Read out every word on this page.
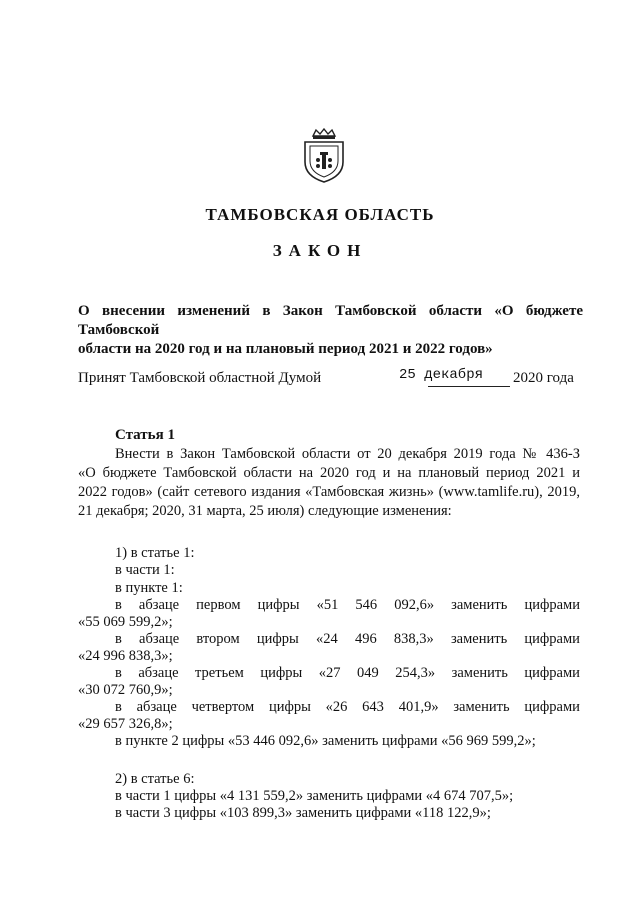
ТАМБОВСКАЯ ОБЛАСТЬ
ЗАКОН
О внесении изменений в Закон Тамбовской области «О бюджете Тамбовской
области на 2020 год и на плановый период 2021 и 2022 годов»
Принят Тамбовской областной Думой	25 декабря 2020 года
Статья 1
Внести в Закон Тамбовской области от 20 декабря 2019 года № 436-З
«О бюджете Тамбовской области на 2020 год и на плановый период 2021 и
2022 годов» (сайт сетевого издания «Тамбовская жизнь» (www.tamlife.ru), 2019,
21 декабря; 2020, 31 марта, 25 июля) следующие изменения:
1) в статье 1:
в части 1:
в пункте 1:
в абзаце первом цифры «51 546 092,6» заменить цифрами
«55 069 599,2»;
в абзаце втором цифры «24 496 838,3» заменить цифрами
«24 996 838,3»;
в абзаце третьем цифры «27 049 254,3» заменить цифрами
«30 072 760,9»;
в абзаце четвертом цифры «26 643 401,9» заменить цифрами
«29 657 326,8»;
в пункте 2 цифры «53 446 092,6» заменить цифрами «56 969 599,2»;
2) в статье 6:
в части 1 цифры «4 131 559,2» заменить цифрами «4 674 707,5»;
в части 3 цифры «103 899,3» заменить цифрами «118 122,9»;
